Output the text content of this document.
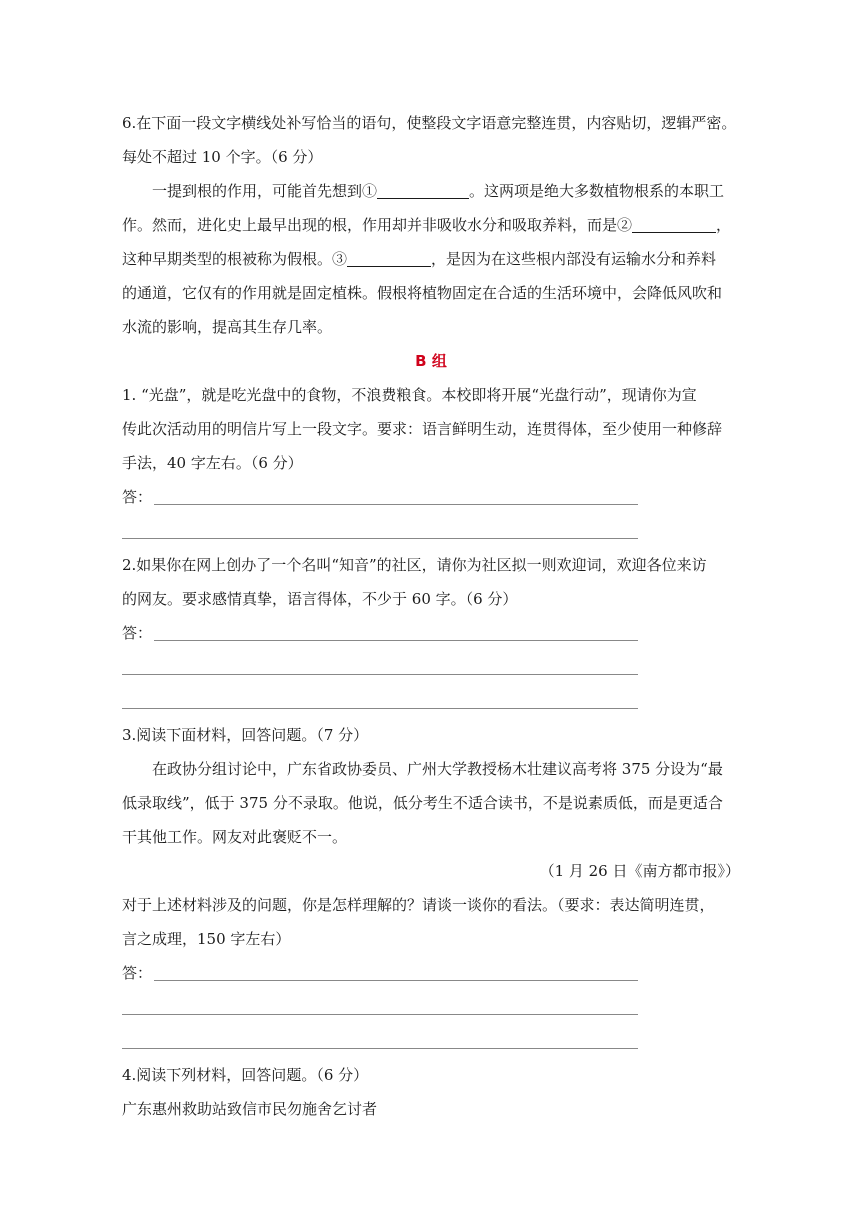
6.在下面一段文字横线处补写恰当的语句，使整段文字语意完整连贯，内容贴切，逻辑严密。
每处不超过 10 个字。（6 分）
一提到根的作用，可能首先想到①	。这两项是绝大多数植物根系的本职工
作。然而，进化史上最早出现的根，作用却并非吸收水分和吸取养料，而是②	，
这种早期类型的根被称为假根。③	，是因为在这些根内部没有运输水分和养料
的通道，它仅有的作用就是固定植株。假根将植物固定在合适的生活环境中，会降低风吹和
水流的影响，提高其生存几率。
B 组
1. “光盘”，就是吃光盘中的食物，不浪费粮食。本校即将开展“光盘行动”，现请你为宣
传此次活动用的明信片写上一段文字。要求：语言鲜明生动，连贯得体，至少使用一种修辞
手法，40 字左右。（6 分）
答：
2.如果你在网上创办了一个名叫“知音”的社区，请你为社区拟一则欢迎词，欢迎各位来访
的网友。要求感情真挚，语言得体，不少于 60 字。（6 分）
答：
3.阅读下面材料，回答问题。（7 分）
在政协分组讨论中，广东省政协委员、广州大学教授杨木壮建议高考将 375 分设为“最
低录取线”，低于 375 分不录取。他说，低分考生不适合读书，不是说素质低，而是更适合
干其他工作。网友对此褒贬不一。
（1 月 26 日《南方都市报》）
对于上述材料涉及的问题，你是怎样理解的？请谈一谈你的看法。（要求：表达简明连贯，
言之成理，150 字左右）
答：
4.阅读下列材料，回答问题。（6 分）
广东惠州救助站致信市民勿施舍乞讨者
